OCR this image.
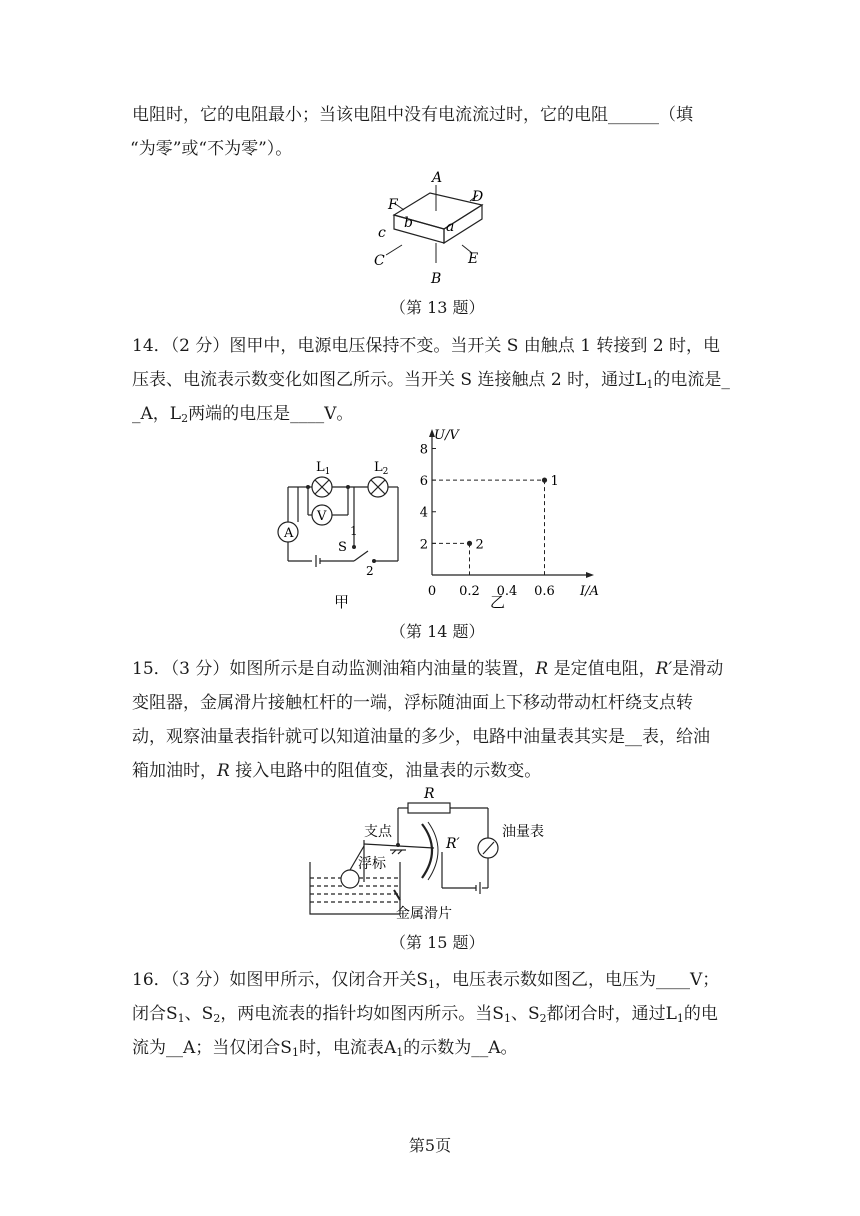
电阻时，它的电阻最小；当该电阻中没有电流流过时，它的电阻______（填
“为零”或“不为零”）。
A
B
C
D
E
F
a
b
c
（第 13 题）
14．（2 分）图甲中，电源电压保持不变。当开关 S 由触点 1 转接到 2 时，电
压表、电流表示数变化如图乙所示。当开关 S 连接触点 2 时，通过$L_1$的电流是_
_A，$L_2$两端的电压是____V。
$L_1$	$L_2$
A
V
S
1
2
甲
U/V
I/A
0 0.2 0.4 0.6
2
4
6
8
1
2
乙
（第 14 题）
15．（3 分）如图所示是自动监测油箱内油量的装置，R 是定值电阻，R′是滑动
变阻器，金属滑片接触杠杆的一端，浮标随油面上下移动带动杠杆绕支点转
动，观察油量表指针就可以知道油量的多少，电路中油量表其实是__表，给油
箱加油时，R 接入电路中的阻值变，油量表的示数变。
R
R′
油量表
支点
浮标
金属滑片
（第 15 题）
16．（3 分）如图甲所示，仅闭合开关$S_1$，电压表示数如图乙，电压为____V；
闭合$S_1$、$S_2$，两电流表的指针均如图丙所示。当$S_1$、$S_2$都闭合时，通过$L_1$的电
流为__A；当仅闭合$S_1$时，电流表$A_1$的示数为__A。
第5页
